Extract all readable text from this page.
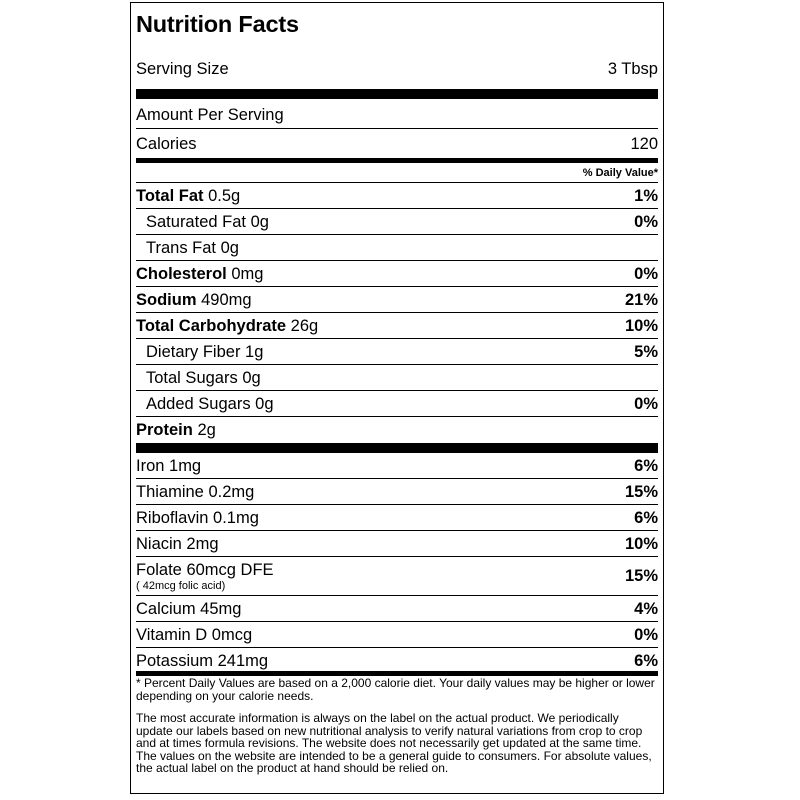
Nutrition Facts
Serving Size	3 Tbsp
Amount Per Serving
Calories	120
% Daily Value*
Total Fat 0.5g	1%
Saturated Fat 0g	0%
Trans Fat 0g
Cholesterol 0mg	0%
Sodium 490mg	21%
Total Carbohydrate 26g	10%
Dietary Fiber 1g	5%
Total Sugars 0g
Added Sugars 0g	0%
Protein 2g
Iron 1mg	6%
Thiamine 0.2mg	15%
Riboflavin 0.1mg	6%
Niacin 2mg	10%
Folate 60mcg DFE	15%
( 42mcg folic acid)
Calcium 45mg	4%
Vitamin D 0mcg	0%
Potassium 241mg	6%
* Percent Daily Values are based on a 2,000 calorie diet. Your daily values may be higher or lower depending on your calorie needs.
The most accurate information is always on the label on the actual product. We periodically update our labels based on new nutritional analysis to verify natural variations from crop to crop and at times formula revisions. The website does not necessarily get updated at the same time. The values on the website are intended to be a general guide to consumers. For absolute values, the actual label on the product at hand should be relied on.
